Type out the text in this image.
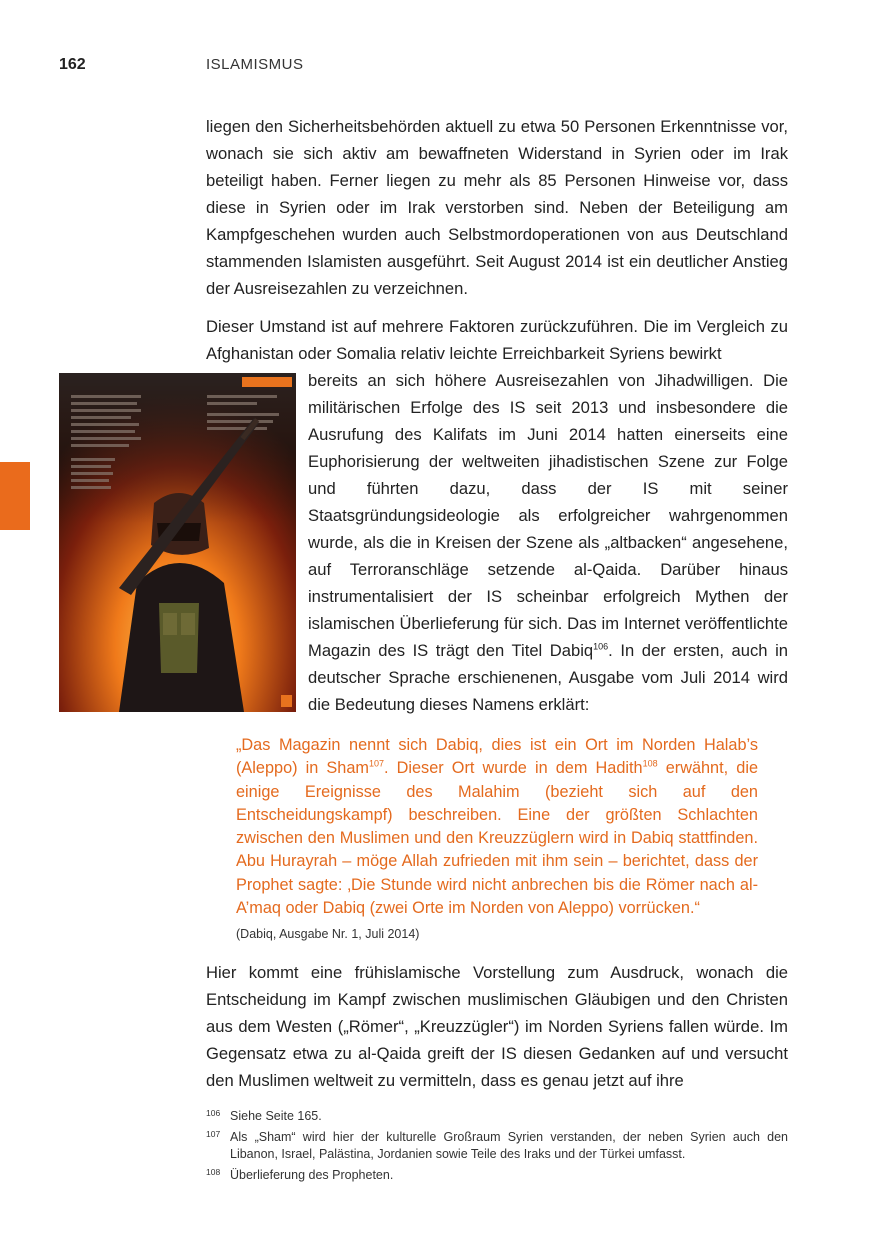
162	ISLAMISMUS

liegen den Sicherheitsbehörden aktuell zu etwa 50 Personen Erkenntnisse vor, wonach sie sich aktiv am bewaffneten Widerstand in Syrien oder im Irak beteiligt haben. Ferner liegen zu mehr als 85 Personen Hinweise vor, dass diese in Syrien oder im Irak verstorben sind. Neben der Beteiligung am Kampfgeschehen wurden auch Selbstmordoperationen von aus Deutschland stammenden Islamisten ausgeführt. Seit August 2014 ist ein deutlicher Anstieg der Ausreisezahlen zu verzeichnen.

Dieser Umstand ist auf mehrere Faktoren zurückzuführen. Die im Vergleich zu Afghanistan oder Somalia relativ leichte Erreichbarkeit Syriens bewirkt
bereits an sich höhere Ausreisezahlen von Jihadwilligen. Die militärischen Erfolge des IS seit 2013 und insbesondere die Ausrufung des Kalifats im Juni 2014 hatten einerseits eine Euphorisierung der weltweiten jihadistischen Szene zur Folge und führten dazu, dass der IS mit seiner Staatsgründungsideologie als erfolgreicher wahrgenommen wurde, als die in Kreisen der Szene als „altbacken“ angesehene, auf Terroranschläge setzende al-Qaida. Darüber hinaus instrumentalisiert der IS scheinbar erfolgreich Mythen der islamischen Überlieferung für sich. Das im Internet veröffentlichte Magazin des IS trägt den Titel Dabiq$^{106}$. In der ersten, auch in deutscher Sprache erschienenen, Ausgabe vom Juli 2014 wird die Bedeutung dieses Namens erklärt:

„Das Magazin nennt sich Dabiq, dies ist ein Ort im Norden Halab’s (Aleppo) in Sham$^{107}$. Dieser Ort wurde in dem Hadith$^{108}$ erwähnt, die einige Ereignisse des Malahim (bezieht sich auf den Entscheidungskampf) beschreiben. Eine der größten Schlachten zwischen den Muslimen und den Kreuzzüglern wird in Dabiq stattfinden. Abu Hurayrah – möge Allah zufrieden mit ihm sein – berichtet, dass der Prophet sagte: ‚Die Stunde wird nicht anbrechen bis die Römer nach al-A’maq oder Dabiq (zwei Orte im Norden von Aleppo) vorrücken.“

(Dabiq, Ausgabe Nr. 1, Juli 2014)

Hier kommt eine frühislamische Vorstellung zum Ausdruck, wonach die Entscheidung im Kampf zwischen muslimischen Gläubigen und den Christen aus dem Westen („Römer“, „Kreuzzügler“) im Norden Syriens fallen würde. Im Gegensatz etwa zu al-Qaida greift der IS diesen Gedanken auf und versucht den Muslimen weltweit zu vermitteln, dass es genau jetzt auf ihre

106 Siehe Seite 165.
107 Als „Sham“ wird hier der kulturelle Großraum Syrien verstanden, der neben Syrien auch den Libanon, Israel, Palästina, Jordanien sowie Teile des Iraks und der Türkei umfasst.
108 Überlieferung des Propheten.
